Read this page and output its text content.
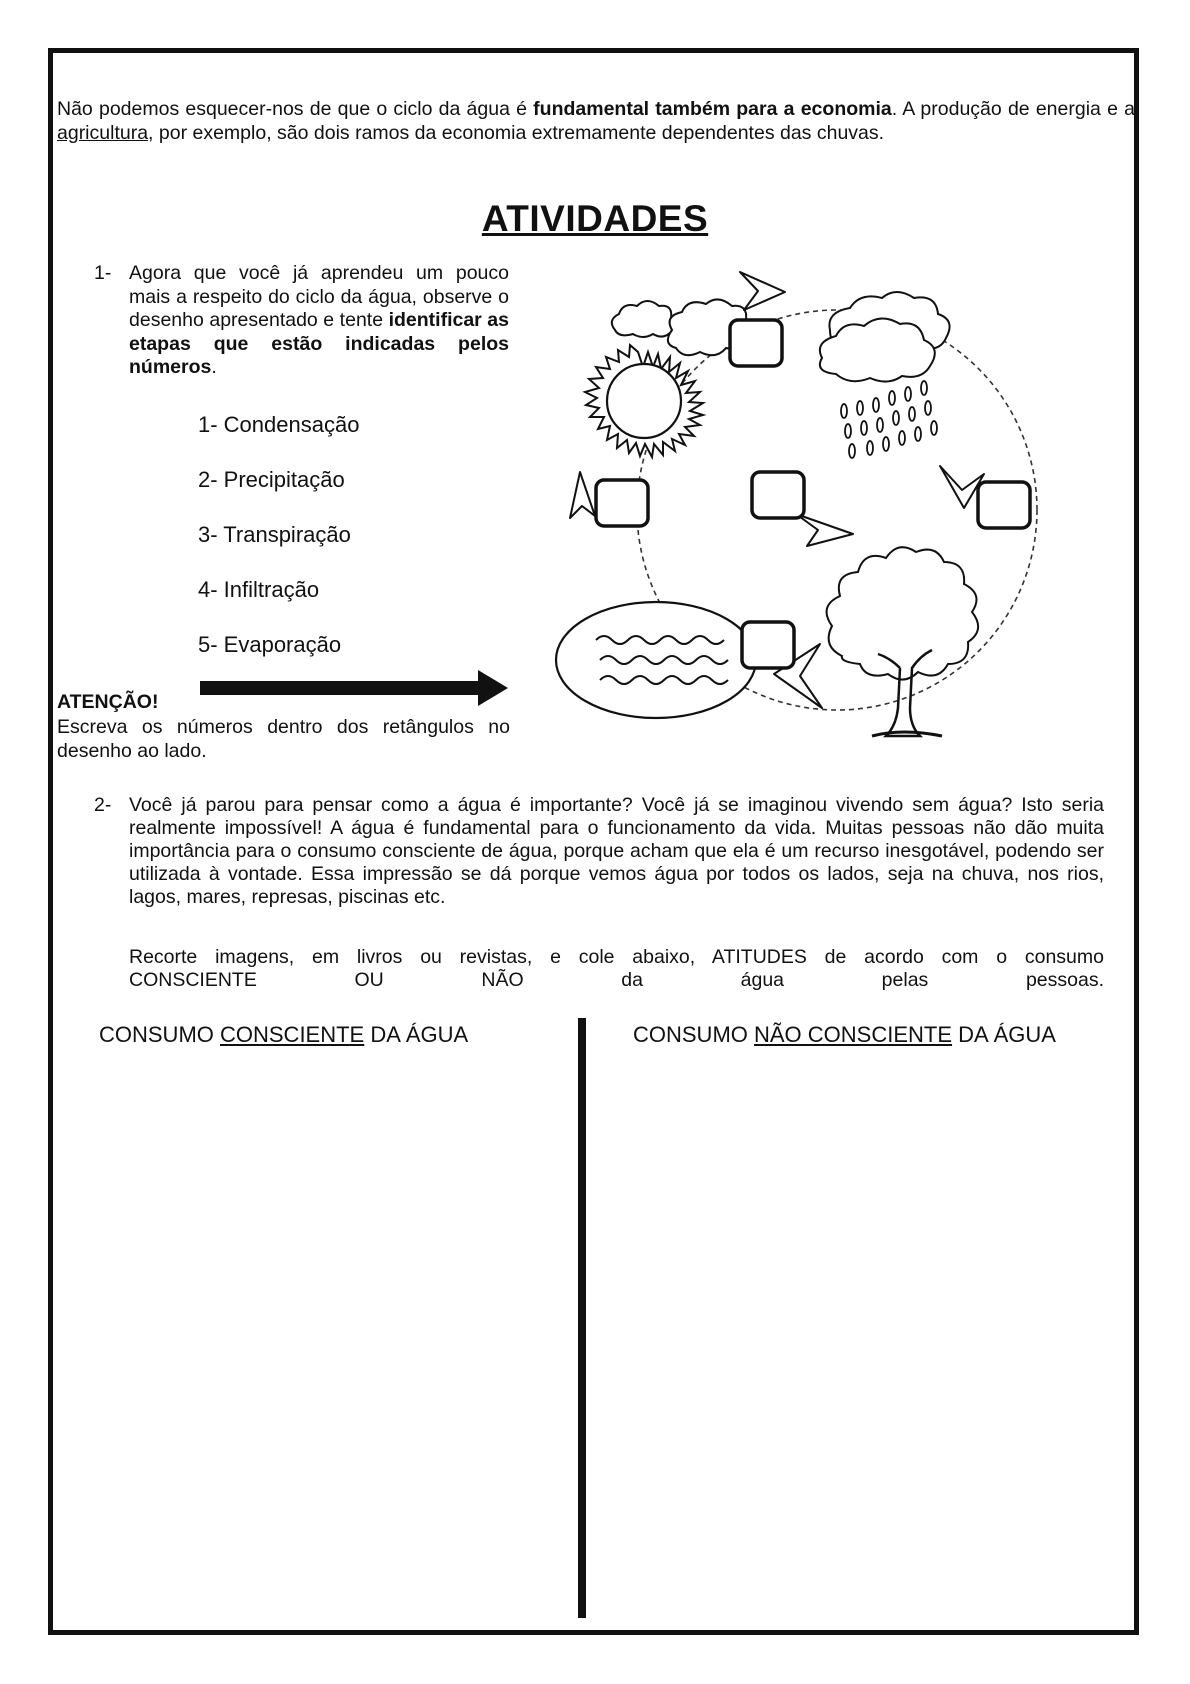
Não podemos esquecer-nos de que o ciclo da água é fundamental também para a economia. A produção de energia e a agricultura, por exemplo, são dois ramos da economia extremamente dependentes das chuvas.

ATIVIDADES
1- Agora que você já aprendeu um pouco mais a respeito do ciclo da água, observe o desenho apresentado e tente identificar as etapas que estão indicadas pelos números.

1- Condensação
2- Precipitação
3- Transpiração
4- Infiltração
5- Evaporação
ATENÇÃO!
Escreva os números dentro dos retângulos no desenho ao lado.
2- Você já parou para pensar como a água é importante? Você já se imaginou vivendo sem água? Isto seria realmente impossível! A água é fundamental para o funcionamento da vida. Muitas pessoas não dão muita importância para o consumo consciente de água, porque acham que ela é um recurso inesgotável, podendo ser utilizada à vontade. Essa impressão se dá porque vemos água por todos os lados, seja na chuva, nos rios, lagos, mares, represas, piscinas etc.
Recorte imagens, em livros ou revistas, e cole abaixo, ATITUDES de acordo com o consumo
CONSCIENTE	OU	NÃO	da	água	pelas	pessoas.
CONSUMO CONSCIENTE DA ÁGUA	CONSUMO NÃO CONSCIENTE DA ÁGUA
